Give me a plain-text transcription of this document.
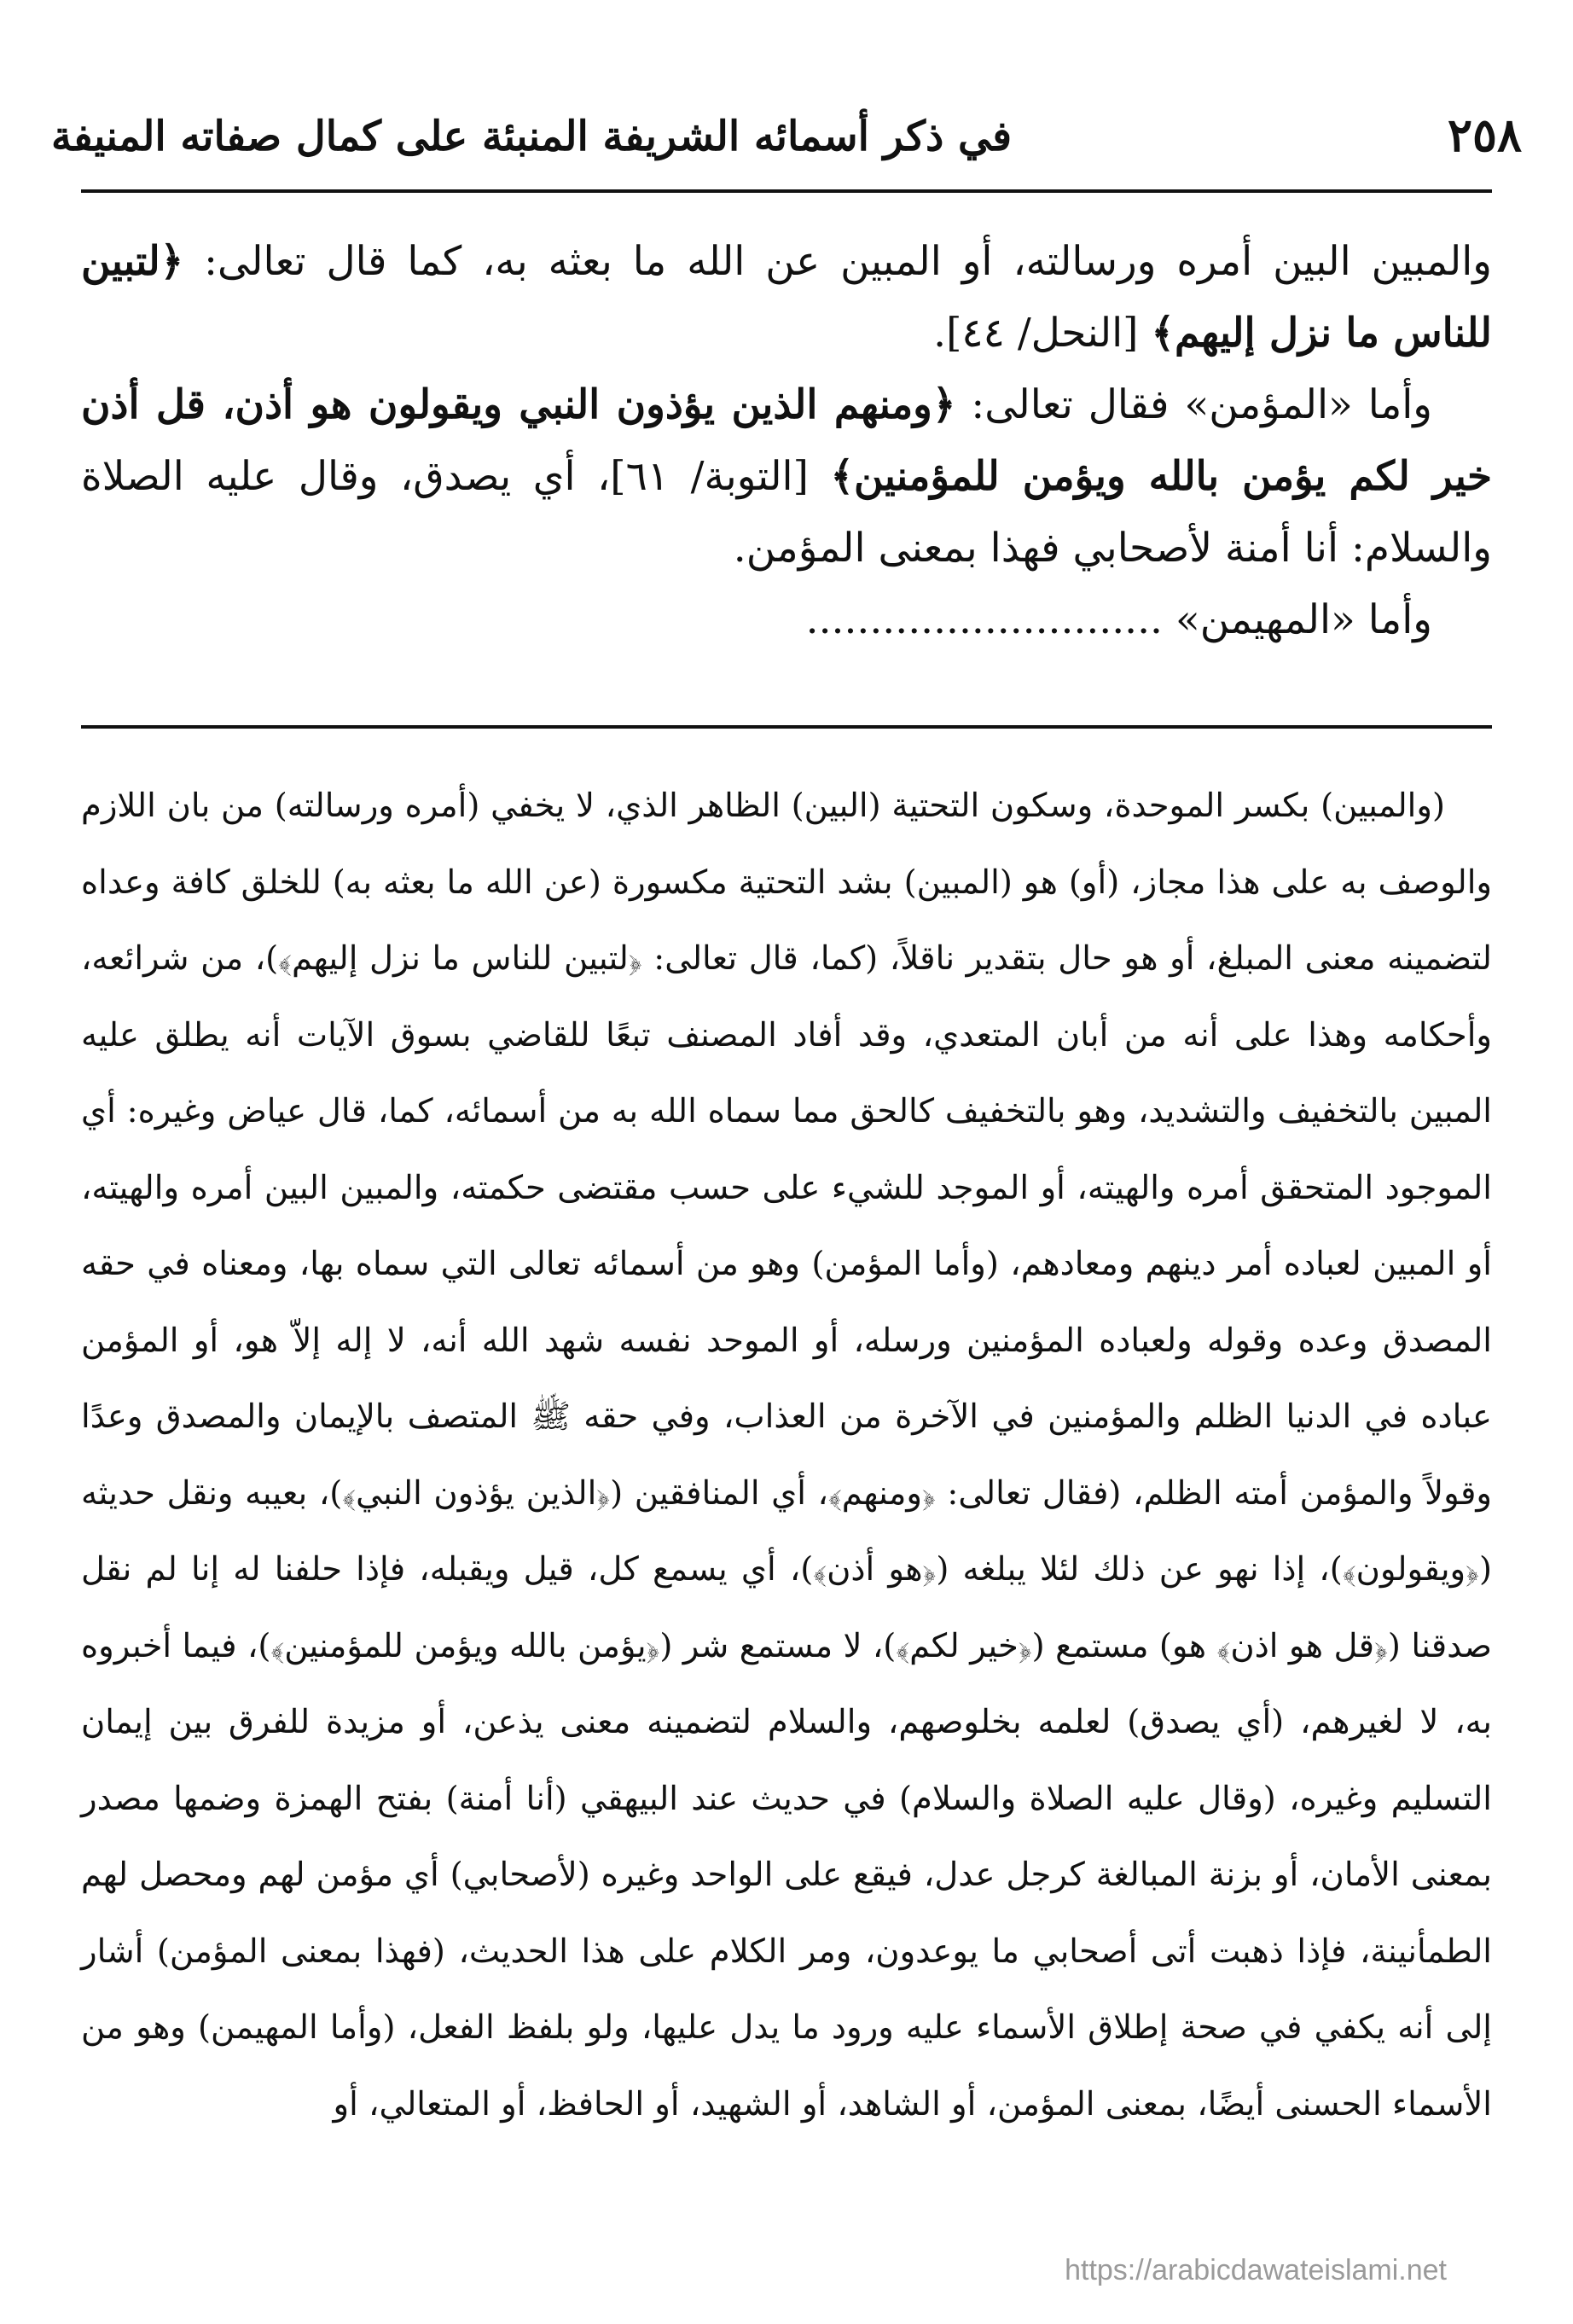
٢٥٨
في ذكر أسمائه الشريفة المنبئة على كمال صفاته المنيفة

والمبين البين أمره ورسالته، أو المبين عن الله ما بعثه به، كما قال تعالى: ﴿لتبين للناس ما نزل إليهم﴾ [النحل/ ٤٤].

وأما «المؤمن» فقال تعالى: ﴿ومنهم الذين يؤذون النبي ويقولون هو أذن، قل أذن خير لكم يؤمن بالله ويؤمن للمؤمنين﴾ [التوبة/ ٦١]، أي يصدق، وقال عليه الصلاة والسلام: أنا أمنة لأصحابي فهذا بمعنى المؤمن.

وأما «المهيمن» ............................

(والمبين) بكسر الموحدة، وسكون التحتية (البين) الظاهر الذي، لا يخفي (أمره ورسالته) من بان اللازم والوصف به على هذا مجاز، (أو) هو (المبين) بشد التحتية مكسورة (عن الله ما بعثه به) للخلق كافة وعداه لتضمينه معنى المبلغ، أو هو حال بتقدير ناقلاً، (كما، قال تعالى: ﴿لتبين للناس ما نزل إليهم﴾)، من شرائعه، وأحكامه وهذا على أنه من أبان المتعدي، وقد أفاد المصنف تبعًا للقاضي بسوق الآيات أنه يطلق عليه المبين بالتخفيف والتشديد، وهو بالتخفيف كالحق مما سماه الله به من أسمائه، كما، قال عياض وغيره: أي الموجود المتحقق أمره والهيته، أو الموجد للشيء على حسب مقتضى حكمته، والمبين البين أمره والهيته، أو المبين لعباده أمر دينهم ومعادهم، (وأما المؤمن) وهو من أسمائه تعالى التي سماه بها، ومعناه في حقه المصدق وعده وقوله ولعباده المؤمنين ورسله، أو الموحد نفسه شهد الله أنه، لا إله إلاّ هو، أو المؤمن عباده في الدنيا الظلم والمؤمنين في الآخرة من العذاب، وفي حقه ﷺ المتصف بالإيمان والمصدق وعدًا وقولاً والمؤمن أمته الظلم، (فقال تعالى: ﴿ومنهم﴾، أي المنافقين (﴿الذين يؤذون النبي﴾)، بعيبه ونقل حديثه (﴿ويقولون﴾)، إذا نهو عن ذلك لئلا يبلغه (﴿هو أذن﴾)، أي يسمع كل، قيل ويقبله، فإذا حلفنا له إنا لم نقل صدقنا (﴿قل هو اذن﴾ هو) مستمع (﴿خير لكم﴾)، لا مستمع شر (﴿يؤمن بالله ويؤمن للمؤمنين﴾)، فيما أخبروه به، لا لغيرهم، (أي يصدق) لعلمه بخلوصهم، والسلام لتضمينه معنى يذعن، أو مزيدة للفرق بين إيمان التسليم وغيره، (وقال عليه الصلاة والسلام) في حديث عند البيهقي (أنا أمنة) بفتح الهمزة وضمها مصدر بمعنى الأمان، أو بزنة المبالغة كرجل عدل، فيقع على الواحد وغيره (لأصحابي) أي مؤمن لهم ومحصل لهم الطمأنينة، فإذا ذهبت أتى أصحابي ما يوعدون، ومر الكلام على هذا الحديث، (فهذا بمعنى المؤمن) أشار إلى أنه يكفي في صحة إطلاق الأسماء عليه ورود ما يدل عليها، ولو بلفظ الفعل، (وأما المهيمن) وهو من الأسماء الحسنى أيضًا، بمعنى المؤمن، أو الشاهد، أو الشهيد، أو الحافظ، أو المتعالي، أو

https://arabicdawateislami.net
